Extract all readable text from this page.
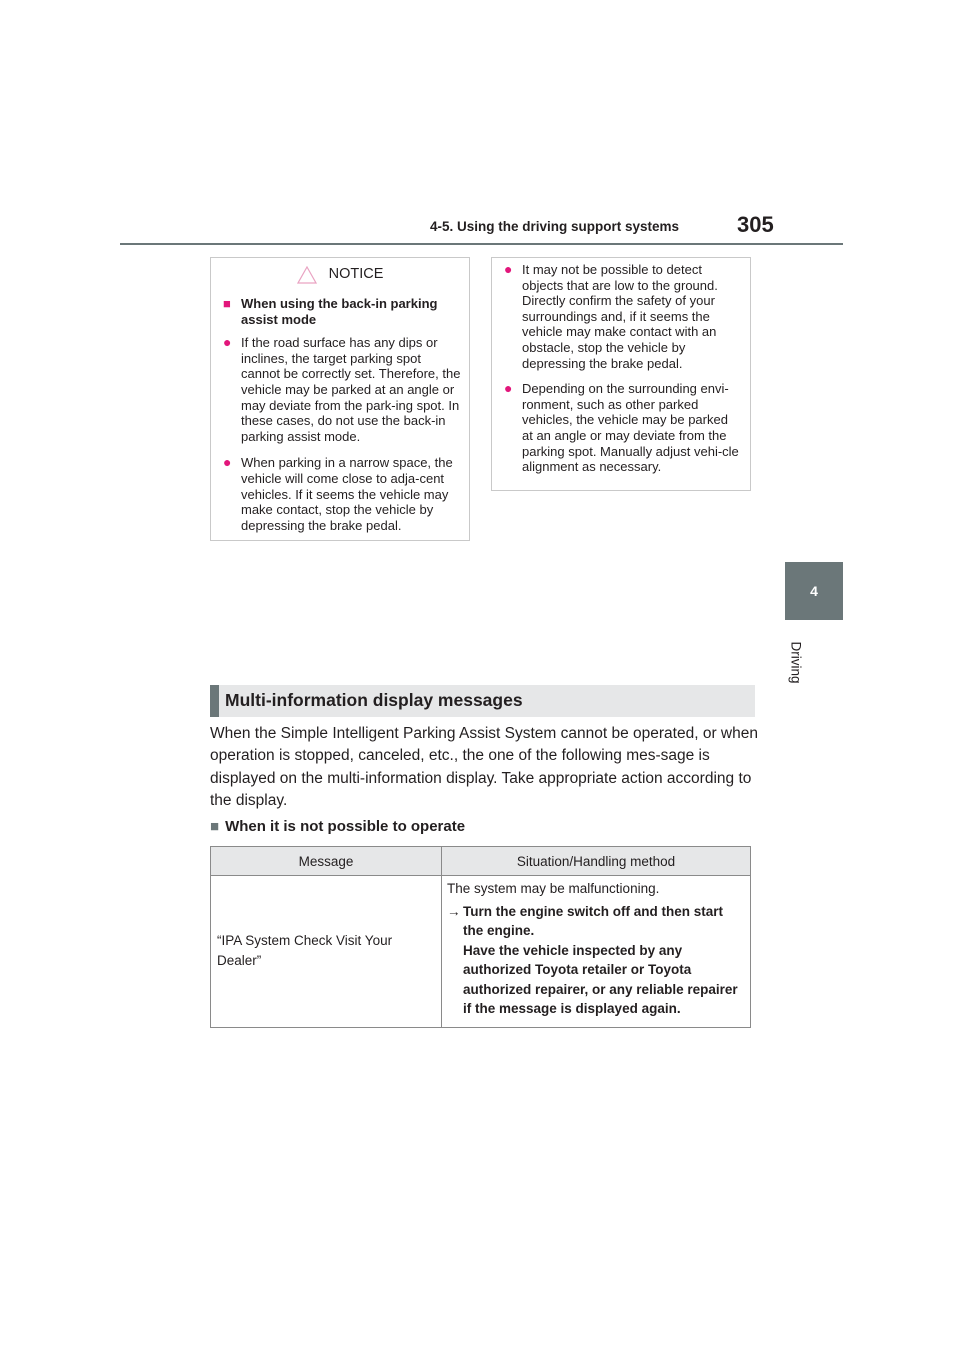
4-5. Using the driving support systems	305
4
Driving
NOTICE
■ When using the back-in parking assist mode
● If the road surface has any dips or inclines, the target parking spot cannot be correctly set. Therefore, the vehicle may be parked at an angle or may deviate from the park-ing spot. In these cases, do not use the back-in parking assist mode.
● When parking in a narrow space, the vehicle will come close to adja-cent vehicles. If it seems the vehicle may make contact, stop the vehicle by depressing the brake pedal.
● It may not be possible to detect objects that are low to the ground. Directly confirm the safety of your surroundings and, if it seems the vehicle may make contact with an obstacle, stop the vehicle by depressing the brake pedal.
● Depending on the surrounding envi-ronment, such as other parked vehicles, the vehicle may be parked at an angle or may deviate from the parking spot. Manually adjust vehi-cle alignment as necessary.
Multi-information display messages
When the Simple Intelligent Parking Assist System cannot be operated, or when operation is stopped, canceled, etc., the one of the following mes-sage is displayed on the multi-information display. Take appropriate action according to the display.
■ When it is not possible to operate
Message	Situation/Handling method
“IPA System Check Visit Your Dealer”	The system may be malfunctioning.
→ Turn the engine switch off and then start the engine.
Have the vehicle inspected by any authorized Toyota retailer or Toyota authorized repairer, or any reliable repairer if the message is displayed again.
